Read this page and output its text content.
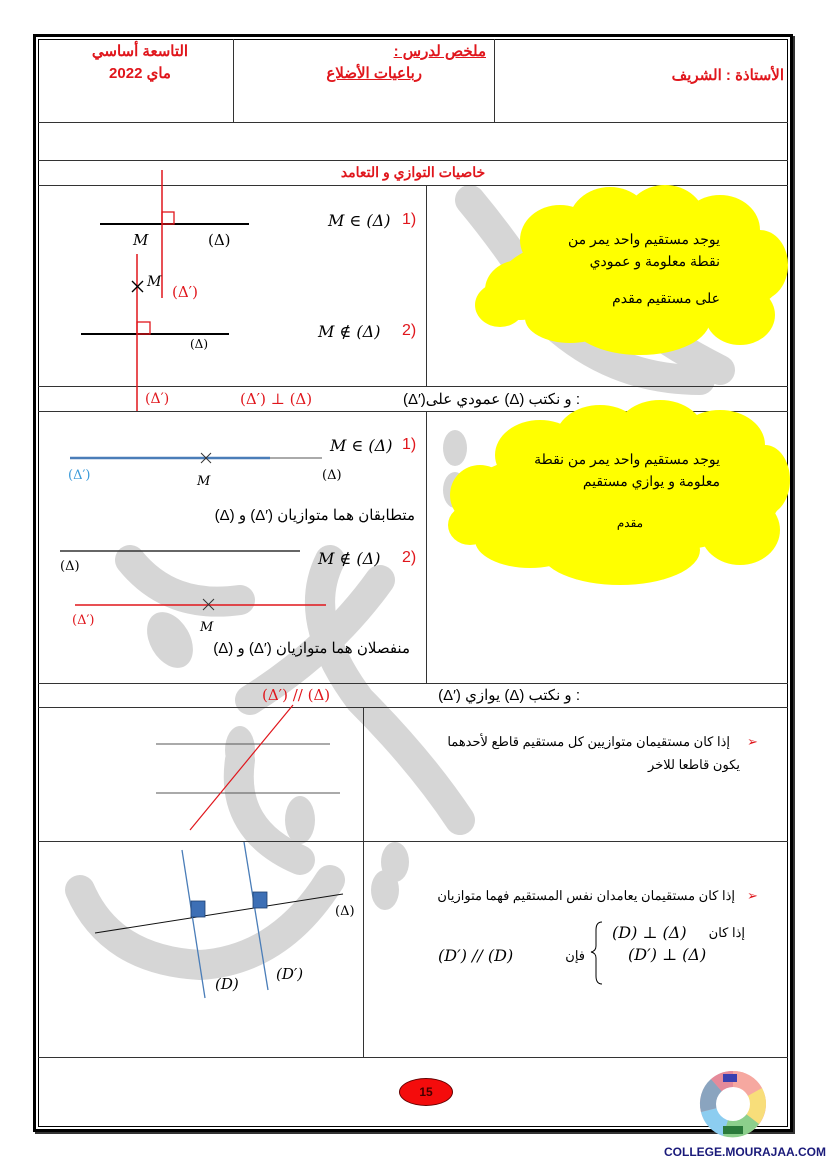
التاسعة أساسي
ماي 2022
ملخص لدرس :
رباعيات الأضلاع	الأستاذة : الشريف
خاصيات التوازي و التعامد
M	(Δ)
M
(Δ′)
(Δ)
(Δ′)
M ∈ (Δ) 1)
M ∉ (Δ) 2)
يوجد مستقيم واحد يمر من
نقطة معلومة و عمودي
على مستقيم مقدم
(Δ′)عمودي على (Δ) و نكتب :
(Δ′) ⊥ (Δ)
(Δ′)	M	(Δ)
M ∈ (Δ) 1)
(Δ) و (Δ′) متطابقان هما متوازيان
(Δ)	M ∉ (Δ) 2)
(Δ′)	M
(Δ) و (Δ′) منفصلان هما متوازيان
يوجد مستقيم واحد يمر من نقطة
معلومة و يوازي مستقيم
مقدم
(Δ′) يوازي (Δ) و نكتب :
(Δ′) // (Δ)
➢
إذا كان مستقيمان متوازيين كل مستقيم قاطع لأحدهما
يكون قاطعا للاخر
(Δ)
(D)
(D′)
➢
إذا كان مستقيمان يعامدان نفس المستقيم فهما متوازيان
إذا كان
(D) ⊥ (Δ)
(D′) ⊥ (Δ)
فإن
(D′) // (D)
15
COLLEGE.MOURAJAA.COM
